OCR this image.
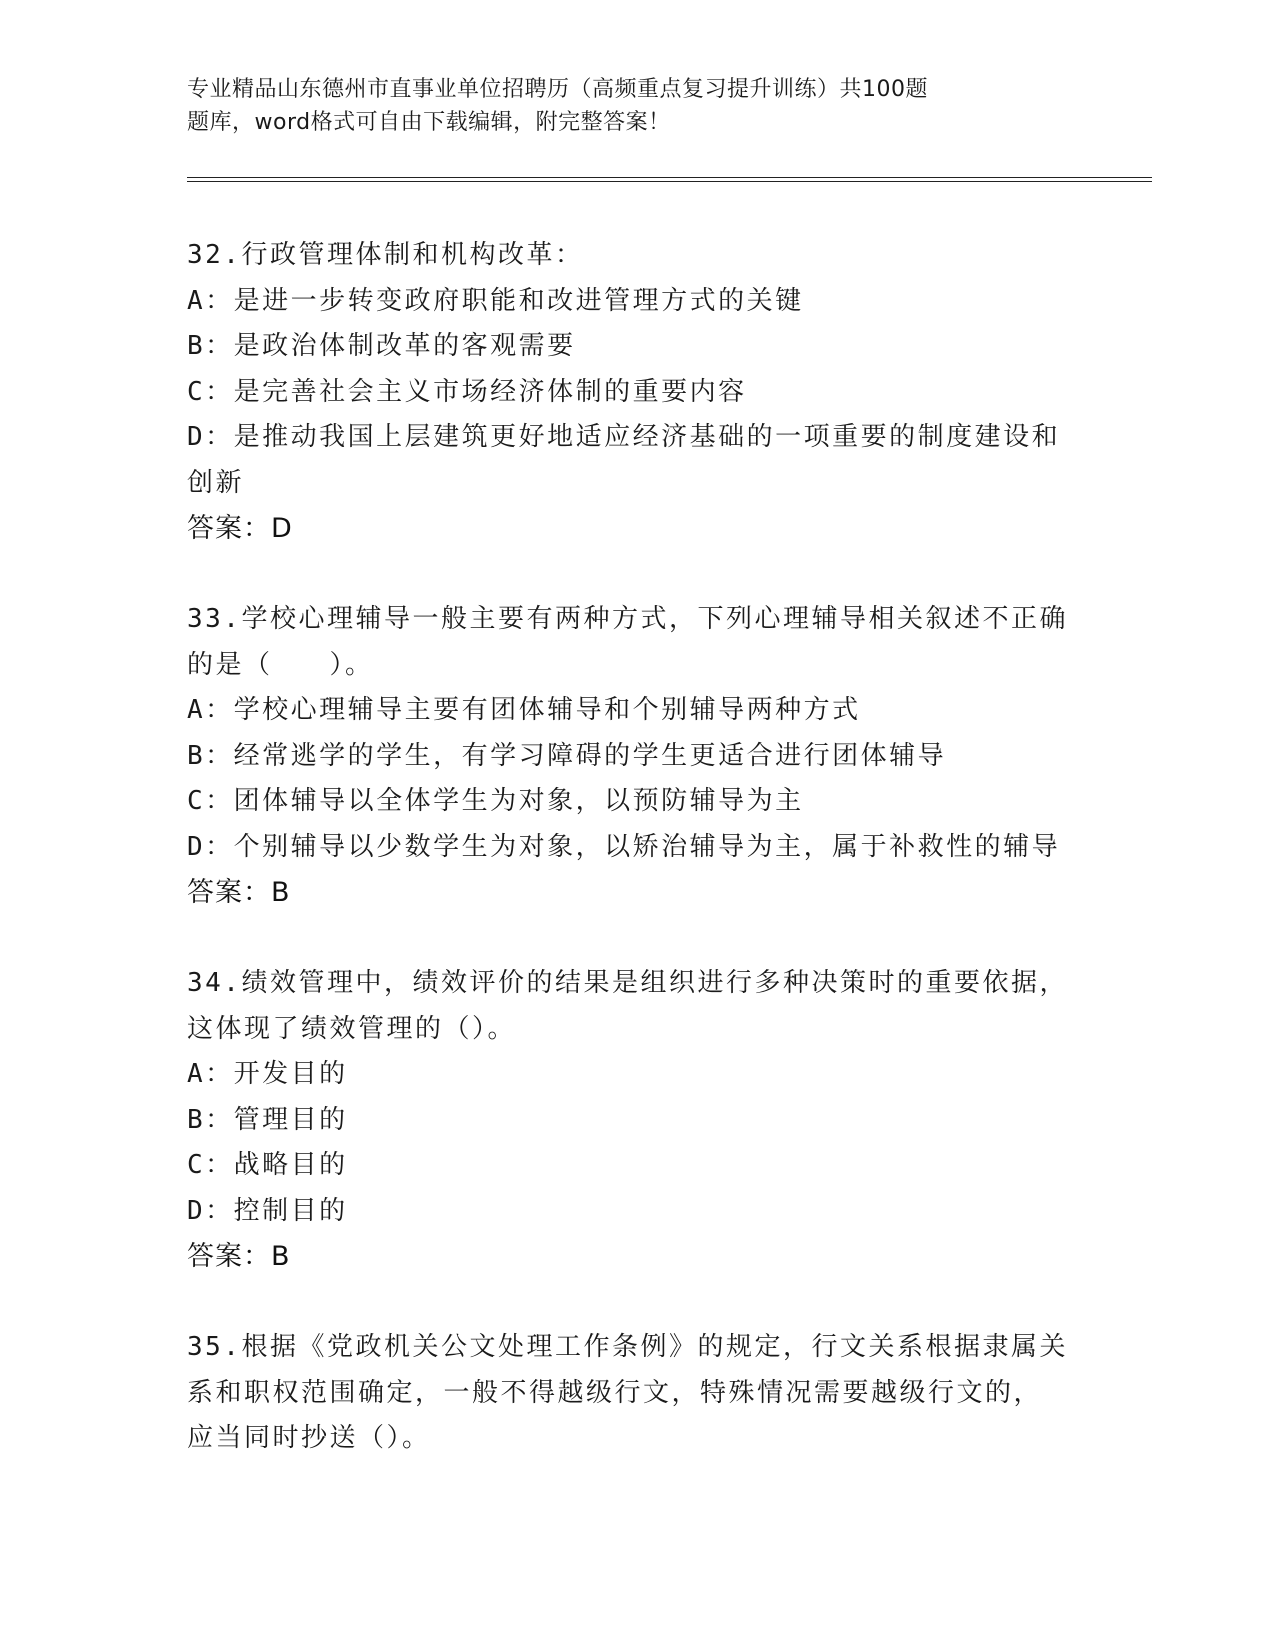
专业精品山东德州市直事业单位招聘历（高频重点复习提升训练）共100题
题库，word格式可自由下载编辑，附完整答案！
32.行政管理体制和机构改革：
A：是进一步转变政府职能和改进管理方式的关键
B：是政治体制改革的客观需要
C：是完善社会主义市场经济体制的重要内容
D：是推动我国上层建筑更好地适应经济基础的一项重要的制度建设和
创新
答案：D
33.学校心理辅导一般主要有两种方式，下列心理辅导相关叙述不正确
的是（　　）。
A：学校心理辅导主要有团体辅导和个别辅导两种方式
B：经常逃学的学生，有学习障碍的学生更适合进行团体辅导
C：团体辅导以全体学生为对象，以预防辅导为主
D：个别辅导以少数学生为对象，以矫治辅导为主，属于补救性的辅导
答案：B
34.绩效管理中，绩效评价的结果是组织进行多种决策时的重要依据，
这体现了绩效管理的（）。
A：开发目的
B：管理目的
C：战略目的
D：控制目的
答案：B
35.根据《党政机关公文处理工作条例》的规定，行文关系根据隶属关
系和职权范围确定，一般不得越级行文，特殊情况需要越级行文的，
应当同时抄送（）。
